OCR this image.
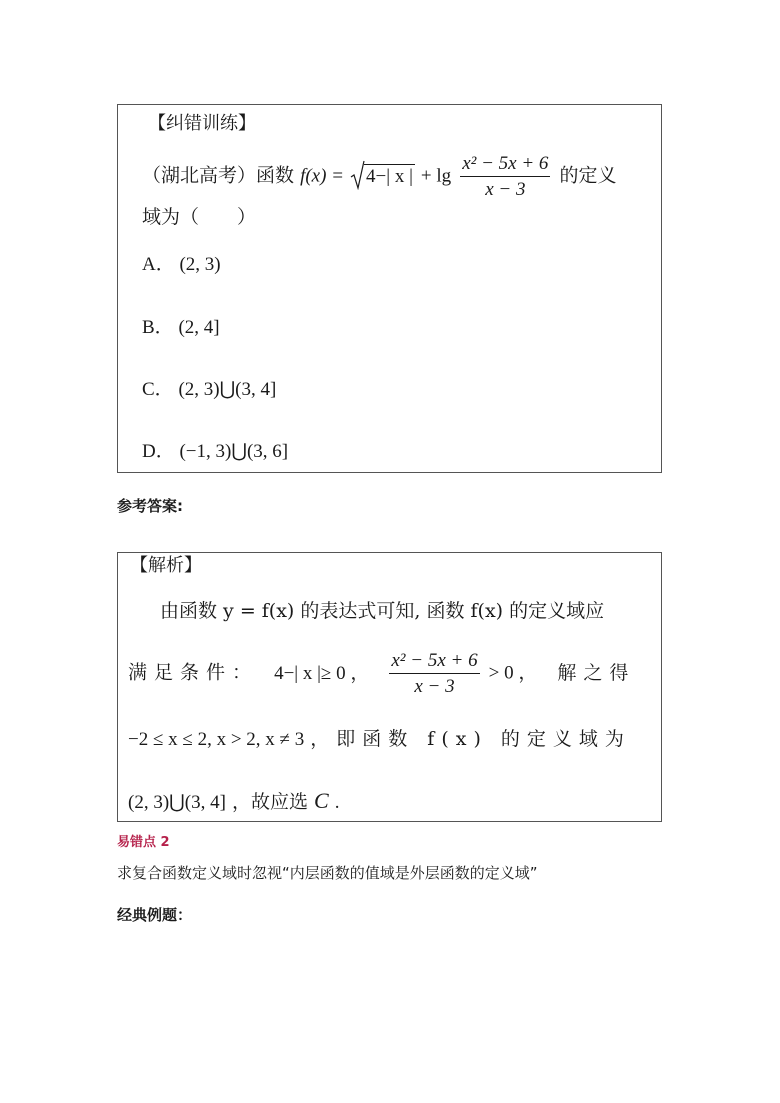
【纠错训练】
（湖北高考）函数 f(x) = 4−| x | + $\lg \frac{\text{x² − 5x + 6}}{x - 3}$ 的定义
域为（　　）
A． (2, 3)
B． (2, 4]
C． (2, 3)⋃(3, 4]
D． (−1, 3)⋃(3, 6]
参考答案:
【解析】
由函数 y = f(x) 的表达式可知, 函数 f(x) 的定义域应
满足条件： 4−| x |≥ 0 ， $\frac{\text{x² − 5x + 6}}{x - 3} > 0$ ， 解之得
−2 ≤ x ≤ 2, x > 2, x ≠ 3 ，即函数 f(x) 的定义域为
(2, 3)⋃(3, 4] ，故应选 C .
易错点 2
求复合函数定义域时忽视“内层函数的值域是外层函数的定义域”
经典例题：
